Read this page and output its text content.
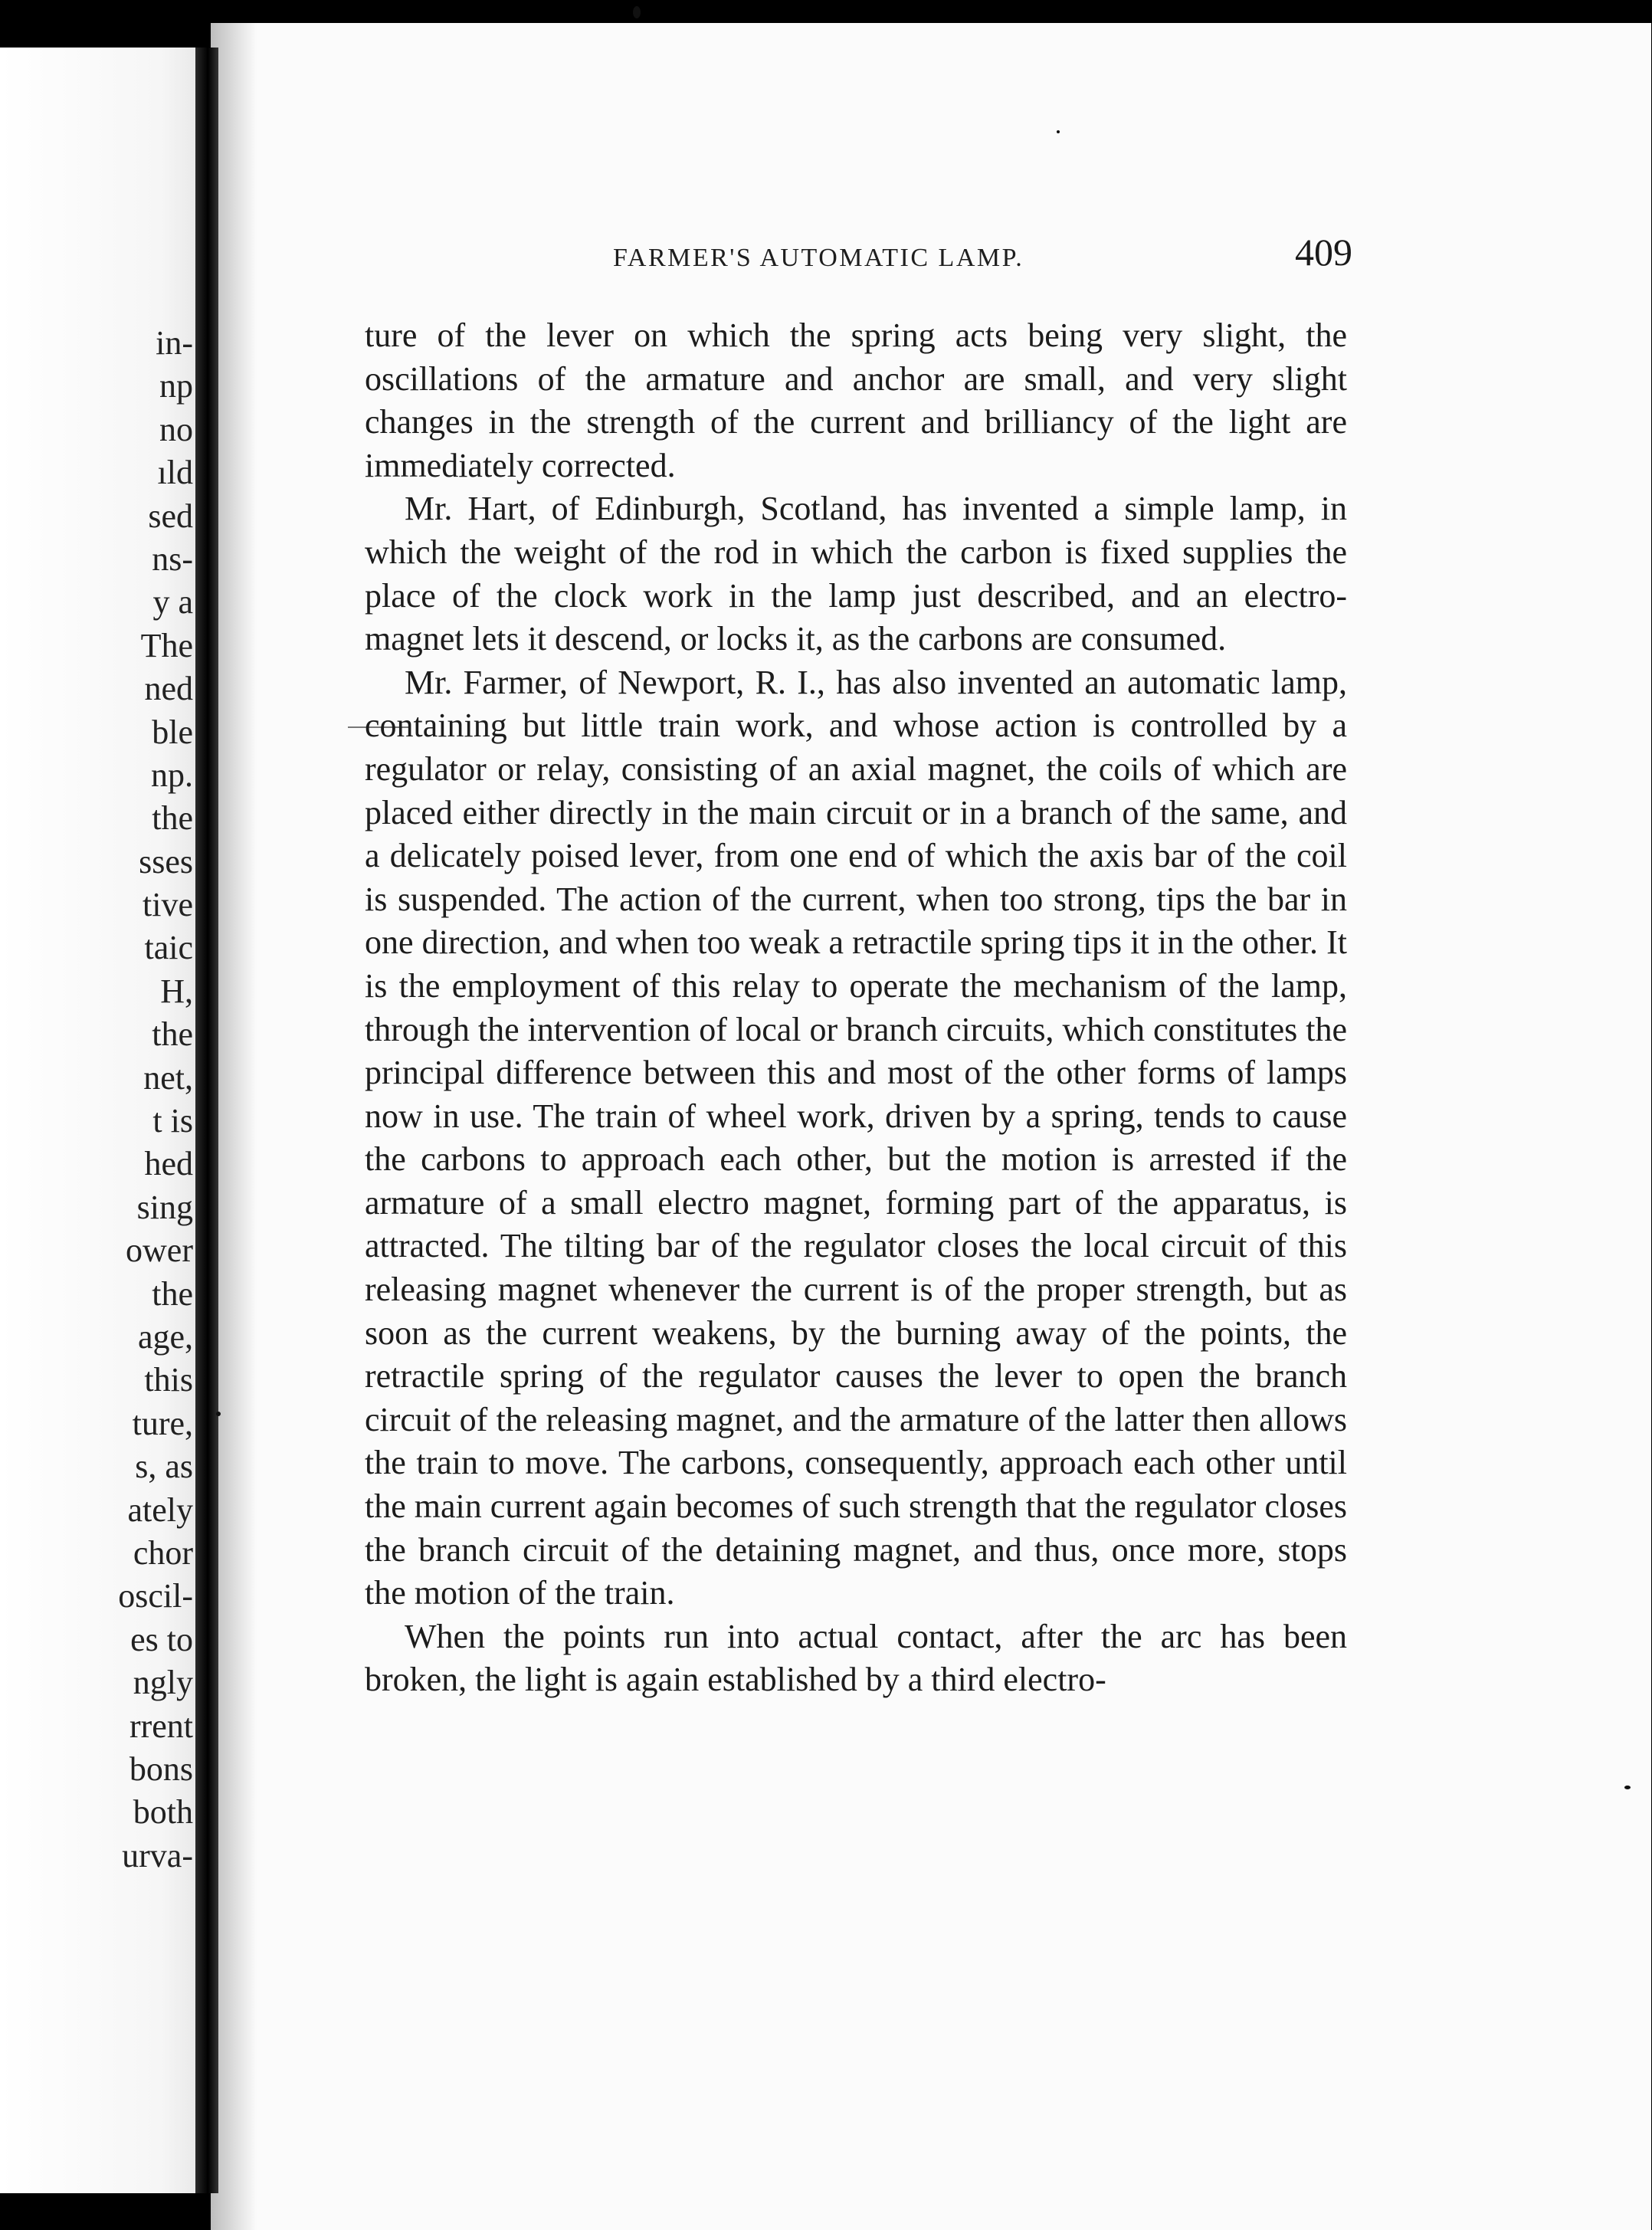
in-
np
no
ıld
sed
ns-
y a
The
ned
ble
np.
the
sses
tive
taic
H,
the
net,
t is
hed
sing
ower
the
age,
this
ture,
s, as
ately
chor
oscil-
es to
ngly
rrent
bons
both
urva-
FARMER'S AUTOMATIC LAMP.	409

ture of the lever on which the spring acts being very slight, the oscillations of the armature and anchor are small, and very slight changes in the strength of the current and brilliancy of the light are immediately corrected.

Mr. Hart, of Edinburgh, Scotland, has invented a simple lamp, in which the weight of the rod in which the carbon is fixed supplies the place of the clock work in the lamp just described, and an electro-magnet lets it descend, or locks it, as the carbons are consumed.

Mr. Farmer, of Newport, R. I., has also invented an automatic lamp, containing but little train work, and whose action is controlled by a regulator or relay, consisting of an axial magnet, the coils of which are placed either directly in the main circuit or in a branch of the same, and a delicately poised lever, from one end of which the axis bar of the coil is suspended. The action of the current, when too strong, tips the bar in one direction, and when too weak a retractile spring tips it in the other. It is the employment of this relay to operate the mechanism of the lamp, through the intervention of local or branch circuits, which constitutes the principal difference between this and most of the other forms of lamps now in use. The train of wheel work, driven by a spring, tends to cause the carbons to approach each other, but the motion is arrested if the armature of a small electro magnet, forming part of the apparatus, is attracted. The tilting bar of the regulator closes the local circuit of this releasing magnet whenever the current is of the proper strength, but as soon as the current weakens, by the burning away of the points, the retractile spring of the regulator causes the lever to open the branch circuit of the releasing magnet, and the armature of the latter then allows the train to move. The carbons, consequently, approach each other until the main current again becomes of such strength that the regulator closes the branch circuit of the detaining magnet, and thus, once more, stops the motion of the train.

When the points run into actual contact, after the arc has been broken, the light is again established by a third electro-
